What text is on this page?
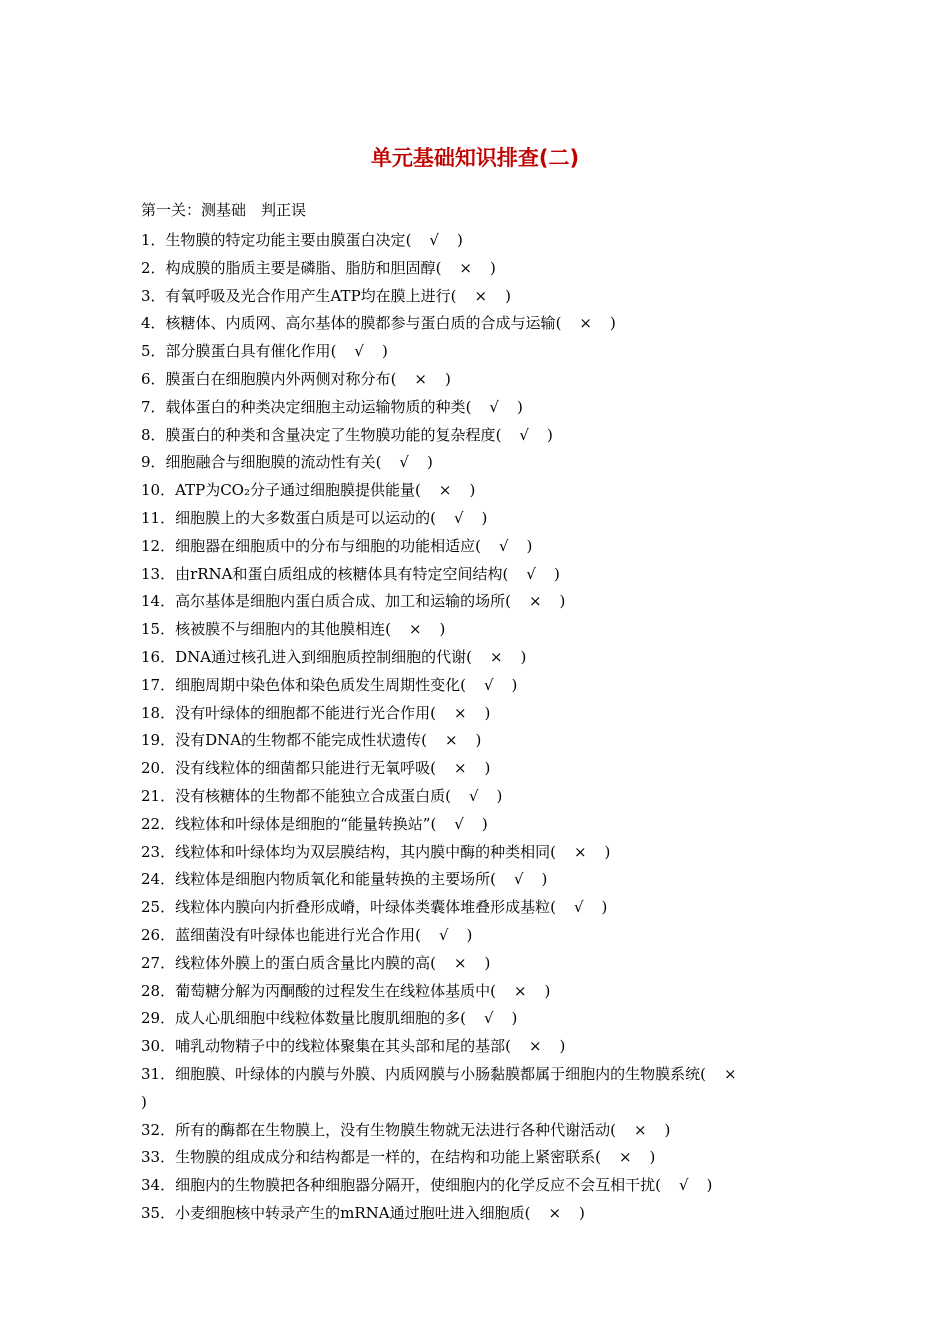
单元基础知识排查(二)
第一关：测基础　判正误
1．生物膜的特定功能主要由膜蛋白决定( √ )
2．构成膜的脂质主要是磷脂、脂肪和胆固醇( × )
3．有氧呼吸及光合作用产生ATP均在膜上进行( × )
4．核糖体、内质网、高尔基体的膜都参与蛋白质的合成与运输( × )
5．部分膜蛋白具有催化作用( √ )
6．膜蛋白在细胞膜内外两侧对称分布( × )
7．载体蛋白的种类决定细胞主动运输物质的种类( √ )
8．膜蛋白的种类和含量决定了生物膜功能的复杂程度( √ )
9．细胞融合与细胞膜的流动性有关( √ )
10．ATP为CO₂分子通过细胞膜提供能量( × )
11．细胞膜上的大多数蛋白质是可以运动的( √ )
12．细胞器在细胞质中的分布与细胞的功能相适应( √ )
13．由rRNA和蛋白质组成的核糖体具有特定空间结构( √ )
14．高尔基体是细胞内蛋白质合成、加工和运输的场所( × )
15．核被膜不与细胞内的其他膜相连( × )
16．DNA通过核孔进入到细胞质控制细胞的代谢( × )
17．细胞周期中染色体和染色质发生周期性变化( √ )
18．没有叶绿体的细胞都不能进行光合作用( × )
19．没有DNA的生物都不能完成性状遗传( × )
20．没有线粒体的细菌都只能进行无氧呼吸( × )
21．没有核糖体的生物都不能独立合成蛋白质( √ )
22．线粒体和叶绿体是细胞的“能量转换站”( √ )
23．线粒体和叶绿体均为双层膜结构，其内膜中酶的种类相同( × )
24．线粒体是细胞内物质氧化和能量转换的主要场所( √ )
25．线粒体内膜向内折叠形成嵴，叶绿体类囊体堆叠形成基粒( √ )
26．蓝细菌没有叶绿体也能进行光合作用( √ )
27．线粒体外膜上的蛋白质含量比内膜的高( × )
28．葡萄糖分解为丙酮酸的过程发生在线粒体基质中( × )
29．成人心肌细胞中线粒体数量比腹肌细胞的多( √ )
30．哺乳动物精子中的线粒体聚集在其头部和尾的基部( × )
31．细胞膜、叶绿体的内膜与外膜、内质网膜与小肠黏膜都属于细胞内的生物膜系统( ×
)
32．所有的酶都在生物膜上，没有生物膜生物就无法进行各种代谢活动( × )
33．生物膜的组成成分和结构都是一样的，在结构和功能上紧密联系( × )
34．细胞内的生物膜把各种细胞器分隔开，使细胞内的化学反应不会互相干扰( √ )
35．小麦细胞核中转录产生的mRNA通过胞吐进入细胞质( × )
